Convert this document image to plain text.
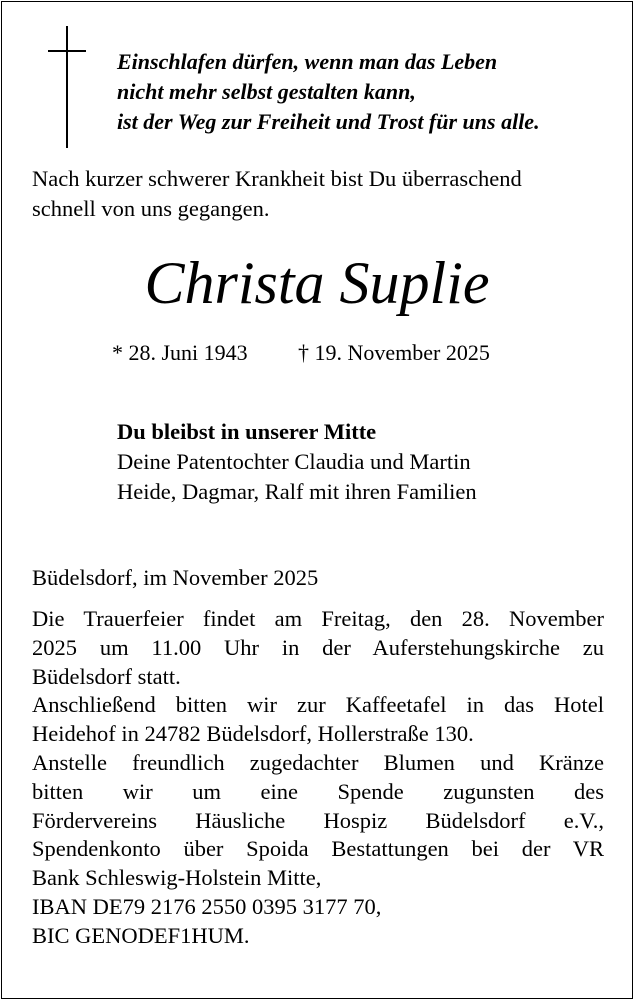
Einschlafen dürfen, wenn man das Leben
nicht mehr selbst gestalten kann,
ist der Weg zur Freiheit und Trost für uns alle.
Nach kurzer schwerer Krankheit bist Du überraschend
schnell von uns gegangen.
Christa Suplie
* 28. Juni 1943 † 19. November 2025
Du bleibst in unserer Mitte
Deine Patentochter Claudia und Martin
Heide, Dagmar, Ralf mit ihren Familien
Büdelsdorf, im November 2025
Die Trauerfeier findet am Freitag, den 28. November
2025 um 11.00 Uhr in der Auferstehungskirche zu
Büdelsdorf statt.
Anschließend bitten wir zur Kaffeetafel in das Hotel
Heidehof in 24782 Büdelsdorf, Hollerstraße 130.
Anstelle freundlich zugedachter Blumen und Kränze
bitten wir um eine Spende zugunsten des
Fördervereins Häusliche Hospiz Büdelsdorf e.V.,
Spendenkonto über Spoida Bestattungen bei der VR
Bank Schleswig-Holstein Mitte,
IBAN DE79 2176 2550 0395 3177 70,
BIC GENODEF1HUM.
